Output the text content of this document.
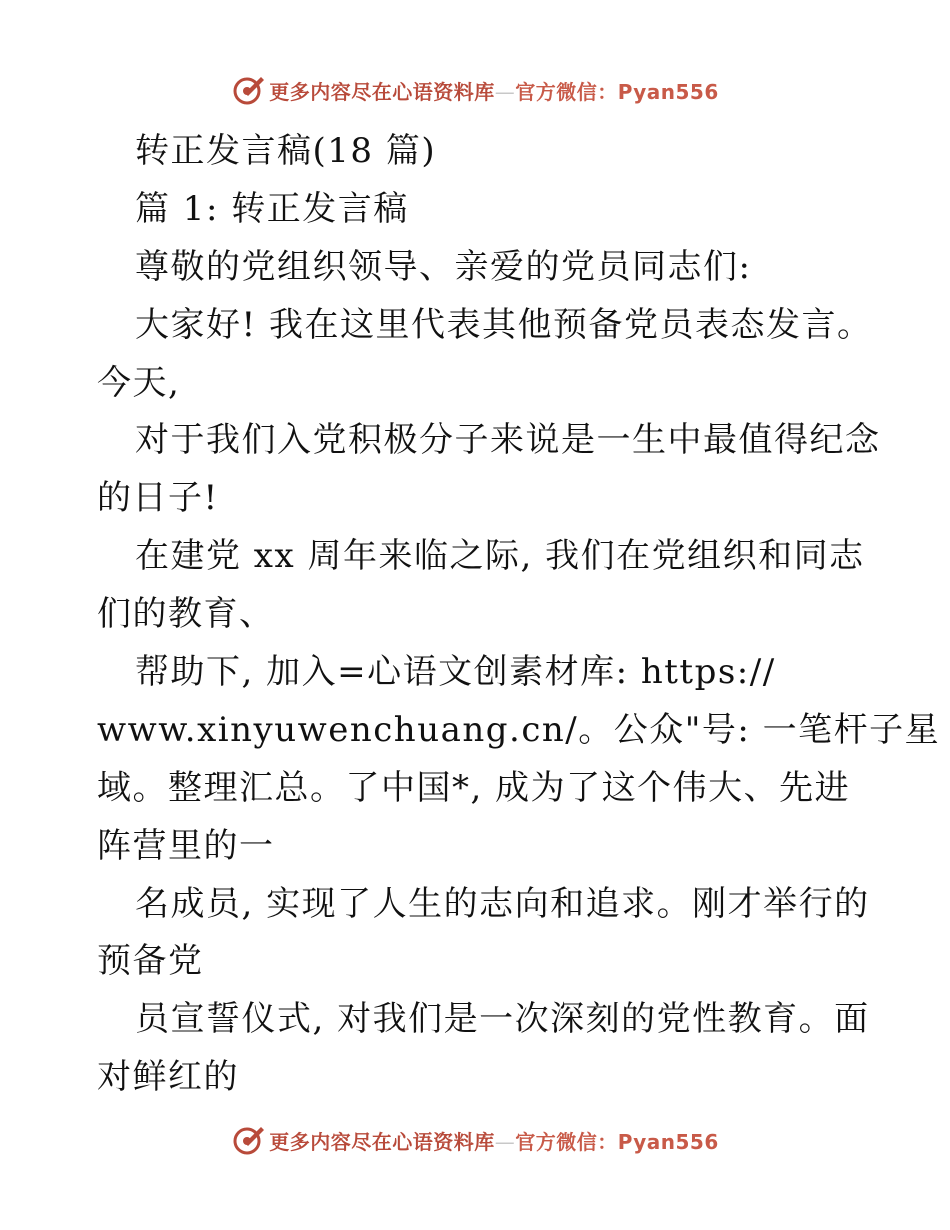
更多内容尽在心语资料库—官方微信：Pyan556
转正发言稿(18 篇)
篇 1: 转正发言稿
尊敬的党组织领导、亲爱的党员同志们:
大家好! 我在这里代表其他预备党员表态发言。
今天,
对于我们入党积极分子来说是一生中最值得纪念
的日子!
在建党 xx 周年来临之际, 我们在党组织和同志
们的教育、
帮助下, 加入=心语文创素材库: https://
www.xinyuwenchuang.cn/。公众"号: 一笔杆子星
域。整理汇总。了中国*, 成为了这个伟大、先进
阵营里的一
名成员, 实现了人生的志向和追求。刚才举行的
预备党
员宣誓仪式, 对我们是一次深刻的党性教育。面
对鲜红的
更多内容尽在心语资料库—官方微信：Pyan556
